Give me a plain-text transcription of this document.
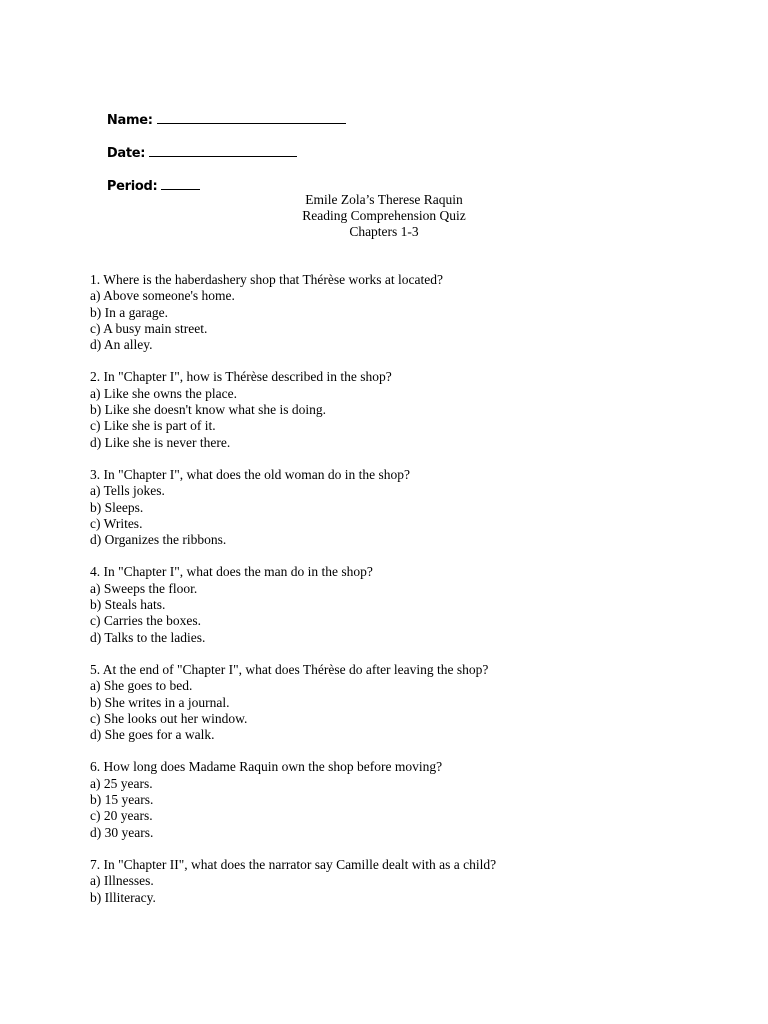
Name:

Date:

Period:

Emile Zola’s Therese Raquin
Reading Comprehension Quiz
Chapters 1-3
1. Where is the haberdashery shop that Thérèse works at located?
a) Above someone's home.
b) In a garage.
c) A busy main street.
d) An alley.
2. In "Chapter I", how is Thérèse described in the shop?
a) Like she owns the place.
b) Like she doesn't know what she is doing.
c) Like she is part of it.
d) Like she is never there.
3. In "Chapter I", what does the old woman do in the shop?
a) Tells jokes.
b) Sleeps.
c) Writes.
d) Organizes the ribbons.
4. In "Chapter I", what does the man do in the shop?
a) Sweeps the floor.
b) Steals hats.
c) Carries the boxes.
d) Talks to the ladies.
5. At the end of "Chapter I", what does Thérèse do after leaving the shop?
a) She goes to bed.
b) She writes in a journal.
c) She looks out her window.
d) She goes for a walk.
6. How long does Madame Raquin own the shop before moving?
a) 25 years.
b) 15 years.
c) 20 years.
d) 30 years.
7. In "Chapter II", what does the narrator say Camille dealt with as a child?
a) Illnesses.
b) Illiteracy.
